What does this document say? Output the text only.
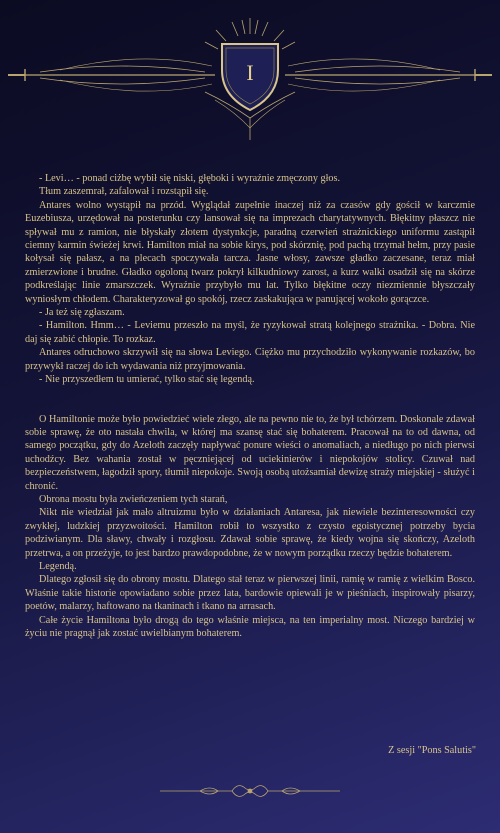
I

- Levi… - ponad ciżbę wybił się niski, głęboki i wyraźnie zmęczony głos.

Tłum zaszemrał, zafalował i rozstąpił się.

Antares wolno wystąpił na przód. Wyglądał zupełnie inaczej niż za czasów gdy gościł w karczmie Euzebiusza, urzędował na posterunku czy lansował się na imprezach charytatywnych. Błękitny płaszcz nie spływał mu z ramion, nie błyskały złotem dystynkcje, paradną czerwień strażnickiego uniformu zastąpił ciemny karmin świeżej krwi. Hamilton miał na sobie kirys, pod skórznię, pod pachą trzymał hełm, przy pasie kołysał się pałasz, a na plecach spoczywała tarcza. Jasne włosy, zawsze gładko zaczesane, teraz miał zmierzwione i brudne. Gładko ogoloną twarz pokrył kilkudniowy zarost, a kurz walki osadził się na skórze podkreślając linie zmarszczek. Wyraźnie przybyło mu lat. Tylko błękitne oczy niezmiennie błyszczały wyniosłym chłodem. Charakteryzował go spokój, rzecz zaskakująca w panującej wokoło gorączce.

- Ja też się zgłaszam.

- Hamilton. Hmm… - Leviemu przeszło na myśl, że ryzykował stratą kolejnego strażnika. - Dobra. Nie daj się zabić chłopie. To rozkaz.

Antares odruchowo skrzywił się na słowa Leviego. Ciężko mu przychodziło wykonywanie rozkazów, bo przywykł raczej do ich wydawania niż przyjmowania.

- Nie przyszedłem tu umierać, tylko stać się legendą.

O Hamiltonie może było powiedzieć wiele złego, ale na pewno nie to, że był tchórzem. Doskonale zdawał sobie sprawę, że oto nastała chwila, w której ma szansę stać się bohaterem. Pracował na to od dawna, od samego początku, gdy do Azeloth zaczęły napływać ponure wieści o anomaliach, a niedługo po nich pierwsi uchodźcy. Bez wahania został w pęczniejącej od uciekinierów i niepokojów stolicy. Czuwał nad bezpieczeństwem, łagodził spory, tłumił niepokoje. Swoją osobą utożsamiał dewizę straży miejskiej - służyć i chronić.

Obrona mostu była zwieńczeniem tych starań,

Nikt nie wiedział jak mało altruizmu było w działaniach Antaresa, jak niewiele bezinteresowności czy zwykłej, ludzkiej przyzwoitości. Hamilton robił to wszystko z czysto egoistycznej potrzeby bycia podziwianym. Dla sławy, chwały i rozgłosu. Zdawał sobie sprawę, że kiedy wojna się skończy, Azeloth przetrwa, a on przeżyje, to jest bardzo prawdopodobne, że w nowym porządku rzeczy będzie bohaterem.

Legendą.

Dlatego zgłosił się do obrony mostu. Dlatego stał teraz w pierwszej linii, ramię w ramię z wielkim Bosco. Właśnie takie historie opowiadano sobie przez lata, bardowie opiewali je w pieśniach, inspirowały pisarzy, poetów, malarzy, haftowano na tkaninach i tkano na arrasach.

Całe życie Hamiltona było drogą do tego właśnie miejsca, na ten imperialny most. Niczego bardziej w życiu nie pragnął jak zostać uwielbianym bohaterem.

Z sesji "Pons Salutis"
